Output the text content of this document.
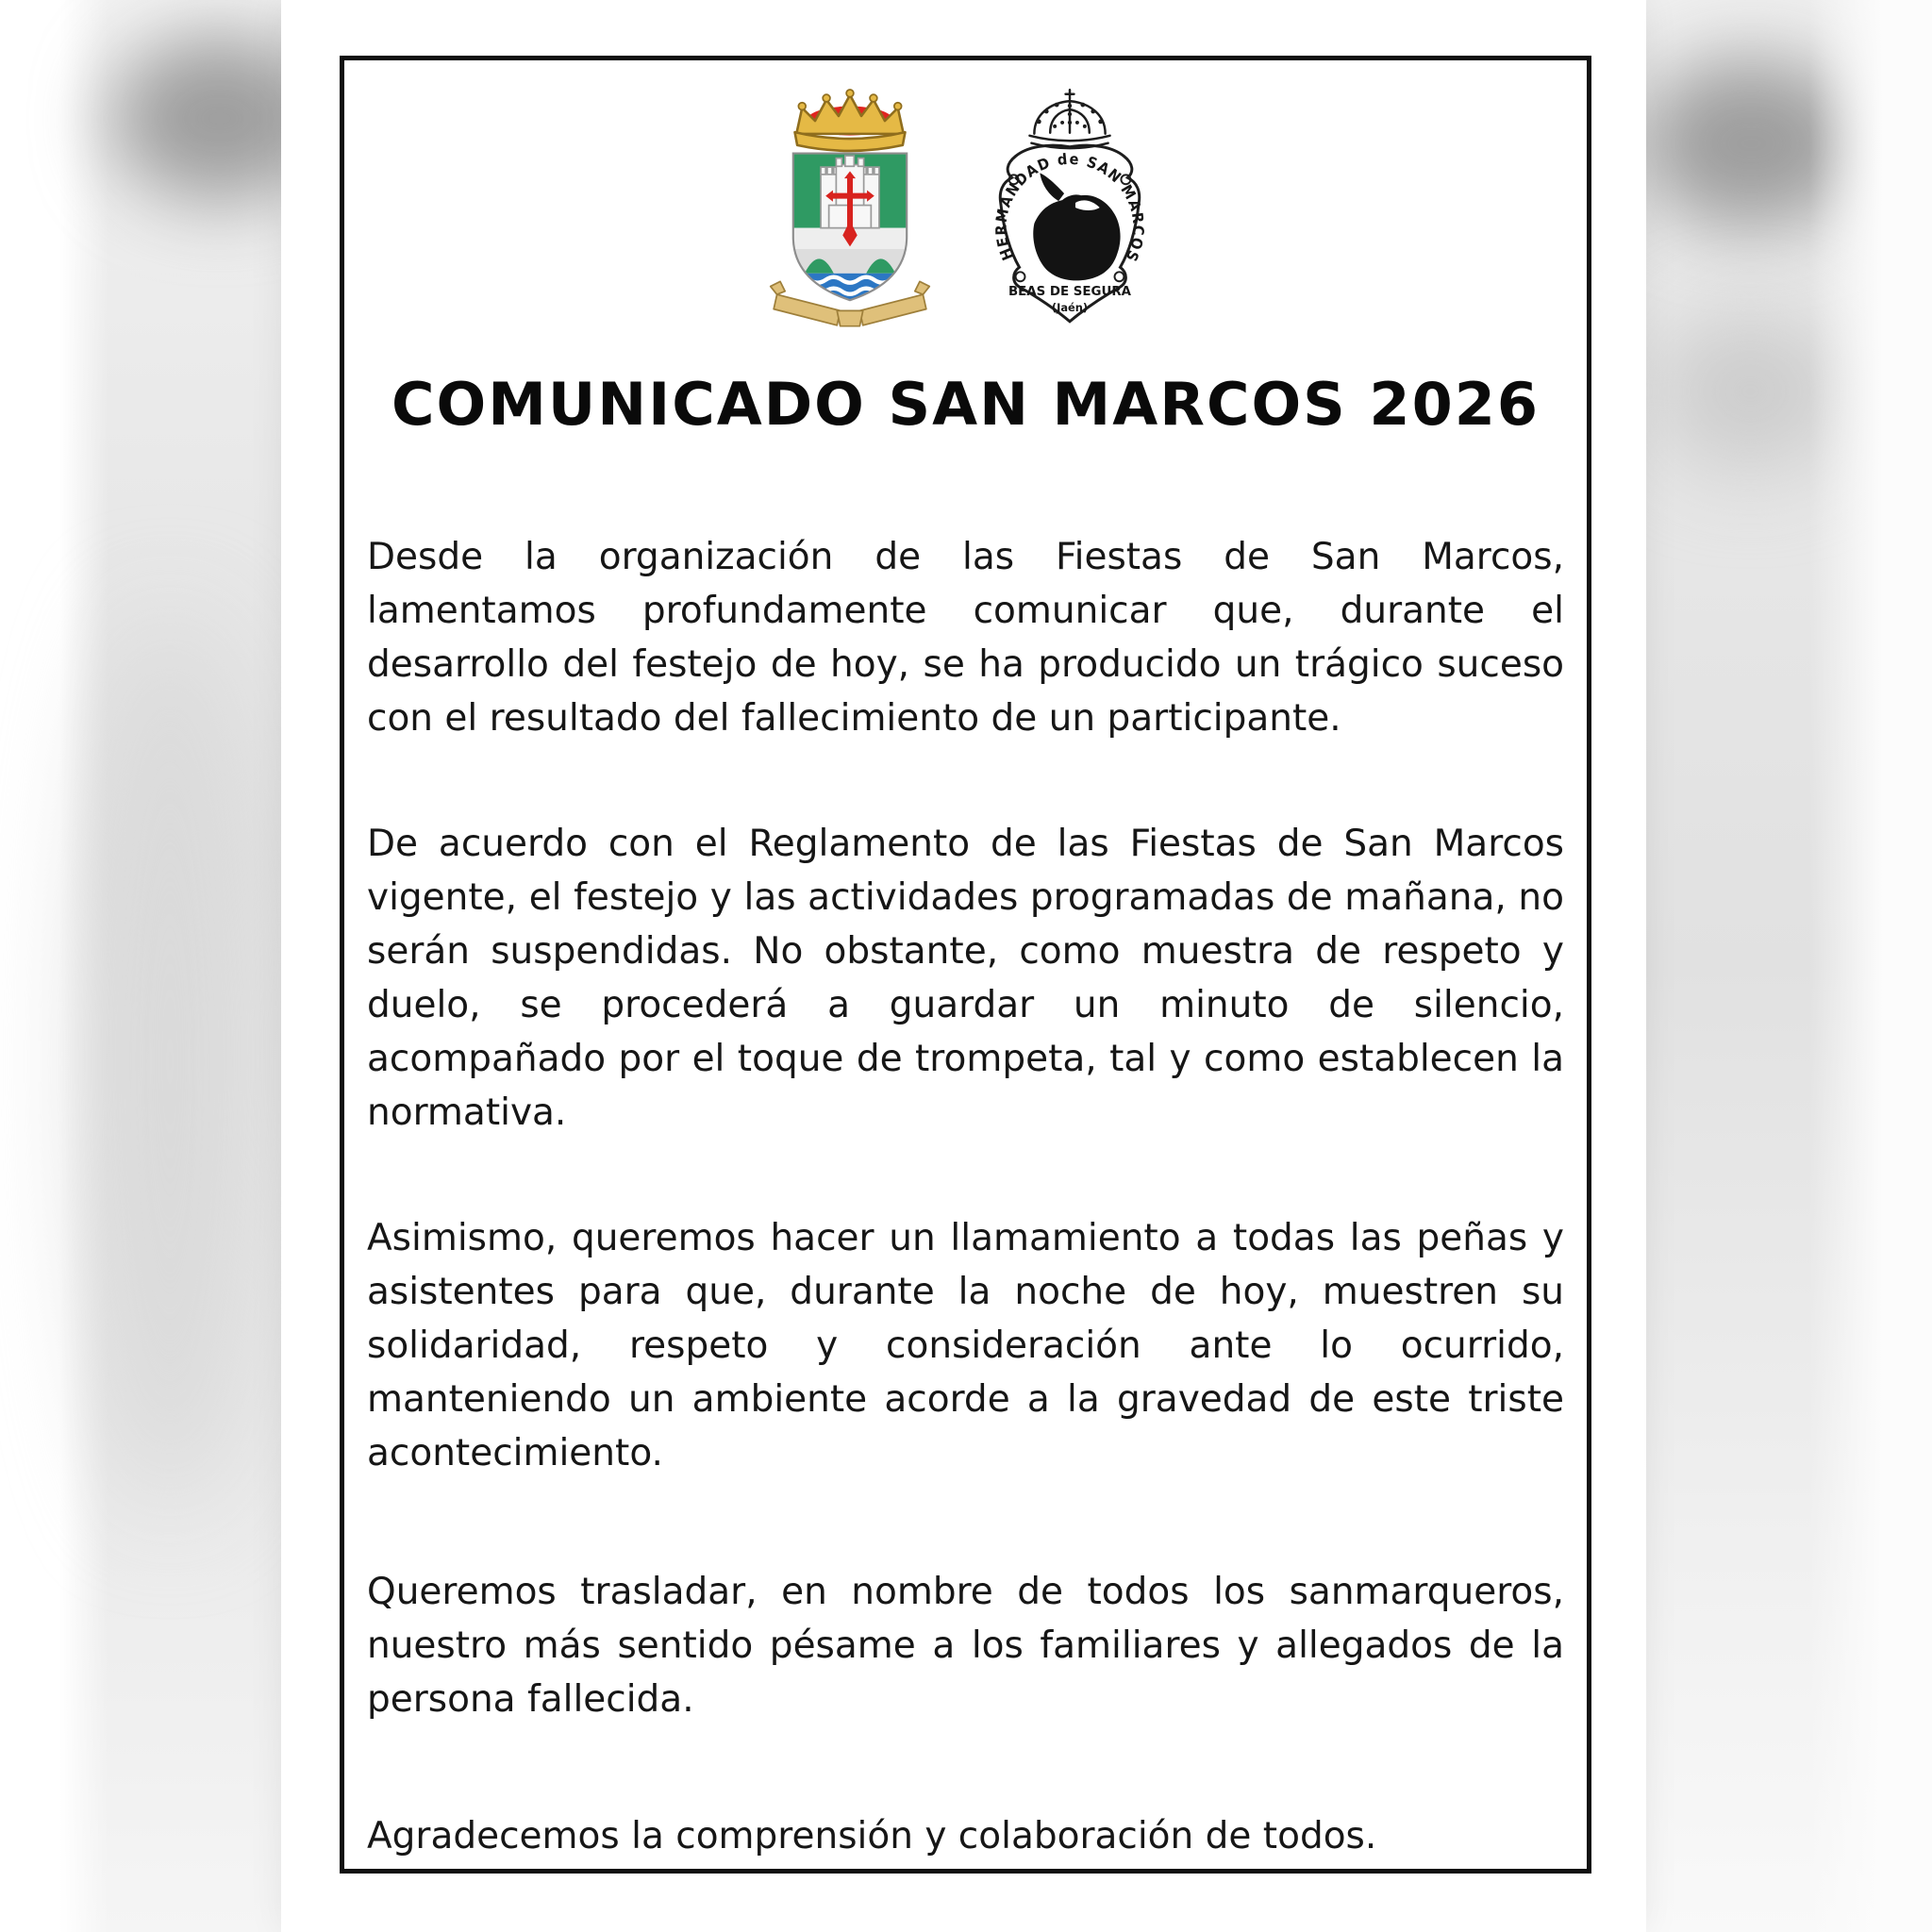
HERMANDAD de SAN MARCOS
BEAS DE SEGURA
(Jaén)
COMUNICADO SAN MARCOS 2026

Desde la organización de las Fiestas de San Marcos, lamentamos profundamente comunicar que, durante el desarrollo del festejo de hoy, se ha producido un trágico suceso con el resultado del fallecimiento de un participante.

De acuerdo con el Reglamento de las Fiestas de San Marcos vigente, el festejo y las actividades programadas de mañana, no serán suspendidas. No obstante, como muestra de respeto y duelo, se procederá a guardar un minuto de silencio, acompañado por el toque de trompeta, tal y como establecen la normativa.

Asimismo, queremos hacer un llamamiento a todas las peñas y asistentes para que, durante la noche de hoy, muestren su solidaridad, respeto y consideración ante lo ocurrido, manteniendo un ambiente acorde a la gravedad de este triste acontecimiento.

Queremos trasladar, en nombre de todos los sanmarqueros, nuestro más sentido pésame a los familiares y allegados de la persona fallecida.

Agradecemos la comprensión y colaboración de todos.
